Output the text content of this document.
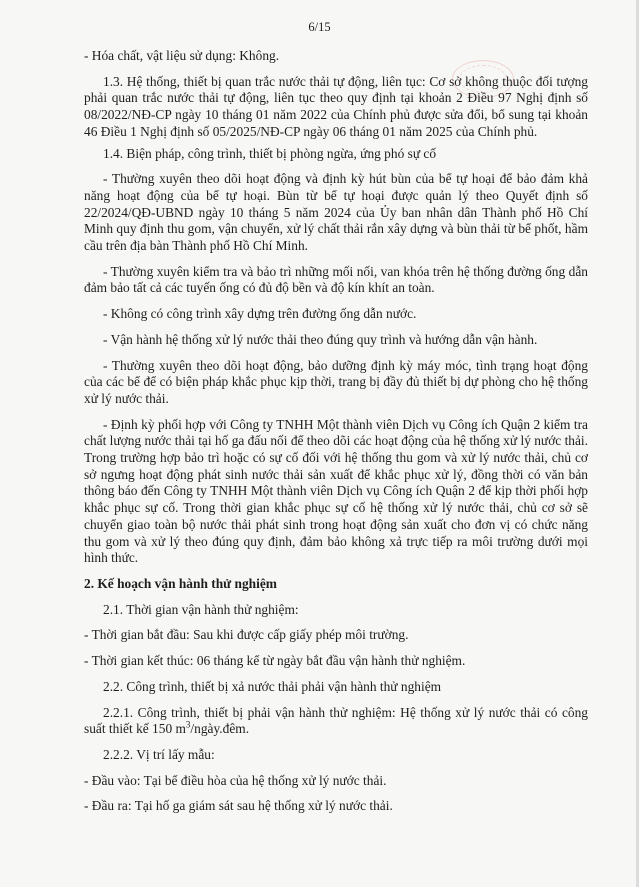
6/15

- Hóa chất, vật liệu sử dụng: Không.

1.3. Hệ thống, thiết bị quan trắc nước thải tự động, liên tục: Cơ sở không thuộc đối tượng phải quan trắc nước thải tự động, liên tục theo quy định tại khoản 2 Điều 97 Nghị định số 08/2022/NĐ-CP ngày 10 tháng 01 năm 2022 của Chính phủ được sửa đổi, bổ sung tại khoản 46 Điều 1 Nghị định số 05/2025/NĐ-CP ngày 06 tháng 01 năm 2025 của Chính phủ.

1.4. Biện pháp, công trình, thiết bị phòng ngừa, ứng phó sự cố

- Thường xuyên theo dõi hoạt động và định kỳ hút bùn của bể tự hoại để bảo đảm khả năng hoạt động của bể tự hoại. Bùn từ bể tự hoại được quản lý theo Quyết định số 22/2024/QĐ-UBND ngày 10 tháng 5 năm 2024 của Ủy ban nhân dân Thành phố Hồ Chí Minh quy định thu gom, vận chuyển, xử lý chất thải rắn xây dựng và bùn thải từ bể phốt, hầm cầu trên địa bàn Thành phố Hồ Chí Minh.

- Thường xuyên kiểm tra và bảo trì những mối nối, van khóa trên hệ thống đường ống dẫn đảm bảo tất cả các tuyến ống có đủ độ bền và độ kín khít an toàn.

- Không có công trình xây dựng trên đường ống dẫn nước.

- Vận hành hệ thống xử lý nước thải theo đúng quy trình và hướng dẫn vận hành.

- Thường xuyên theo dõi hoạt động, bảo dưỡng định kỳ máy móc, tình trạng hoạt động của các bể để có biện pháp khắc phục kịp thời, trang bị đầy đủ thiết bị dự phòng cho hệ thống xử lý nước thải.

- Định kỳ phối hợp với Công ty TNHH Một thành viên Dịch vụ Công ích Quận 2 kiểm tra chất lượng nước thải tại hố ga đấu nối để theo dõi các hoạt động của hệ thống xử lý nước thải. Trong trường hợp bảo trì hoặc có sự cố đối với hệ thống thu gom và xử lý nước thải, chủ cơ sở ngưng hoạt động phát sinh nước thải sản xuất để khắc phục xử lý, đồng thời có văn bản thông báo đến Công ty TNHH Một thành viên Dịch vụ Công ích Quận 2 để kịp thời phối hợp khắc phục sự cố. Trong thời gian khắc phục sự cố hệ thống xử lý nước thải, chủ cơ sở sẽ chuyển giao toàn bộ nước thải phát sinh trong hoạt động sản xuất cho đơn vị có chức năng thu gom và xử lý theo đúng quy định, đảm bảo không xả trực tiếp ra môi trường dưới mọi hình thức.

2. Kế hoạch vận hành thử nghiệm

2.1. Thời gian vận hành thử nghiệm:

- Thời gian bắt đầu: Sau khi được cấp giấy phép môi trường.

- Thời gian kết thúc: 06 tháng kể từ ngày bắt đầu vận hành thử nghiệm.

2.2. Công trình, thiết bị xả nước thải phải vận hành thử nghiệm

2.2.1. Công trình, thiết bị phải vận hành thử nghiệm: Hệ thống xử lý nước thải có công suất thiết kế 150 $m^3/ngày.đêm$.

2.2.2. Vị trí lấy mẫu:

- Đầu vào: Tại bể điều hòa của hệ thống xử lý nước thải.

- Đầu ra: Tại hố ga giám sát sau hệ thống xử lý nước thải.
